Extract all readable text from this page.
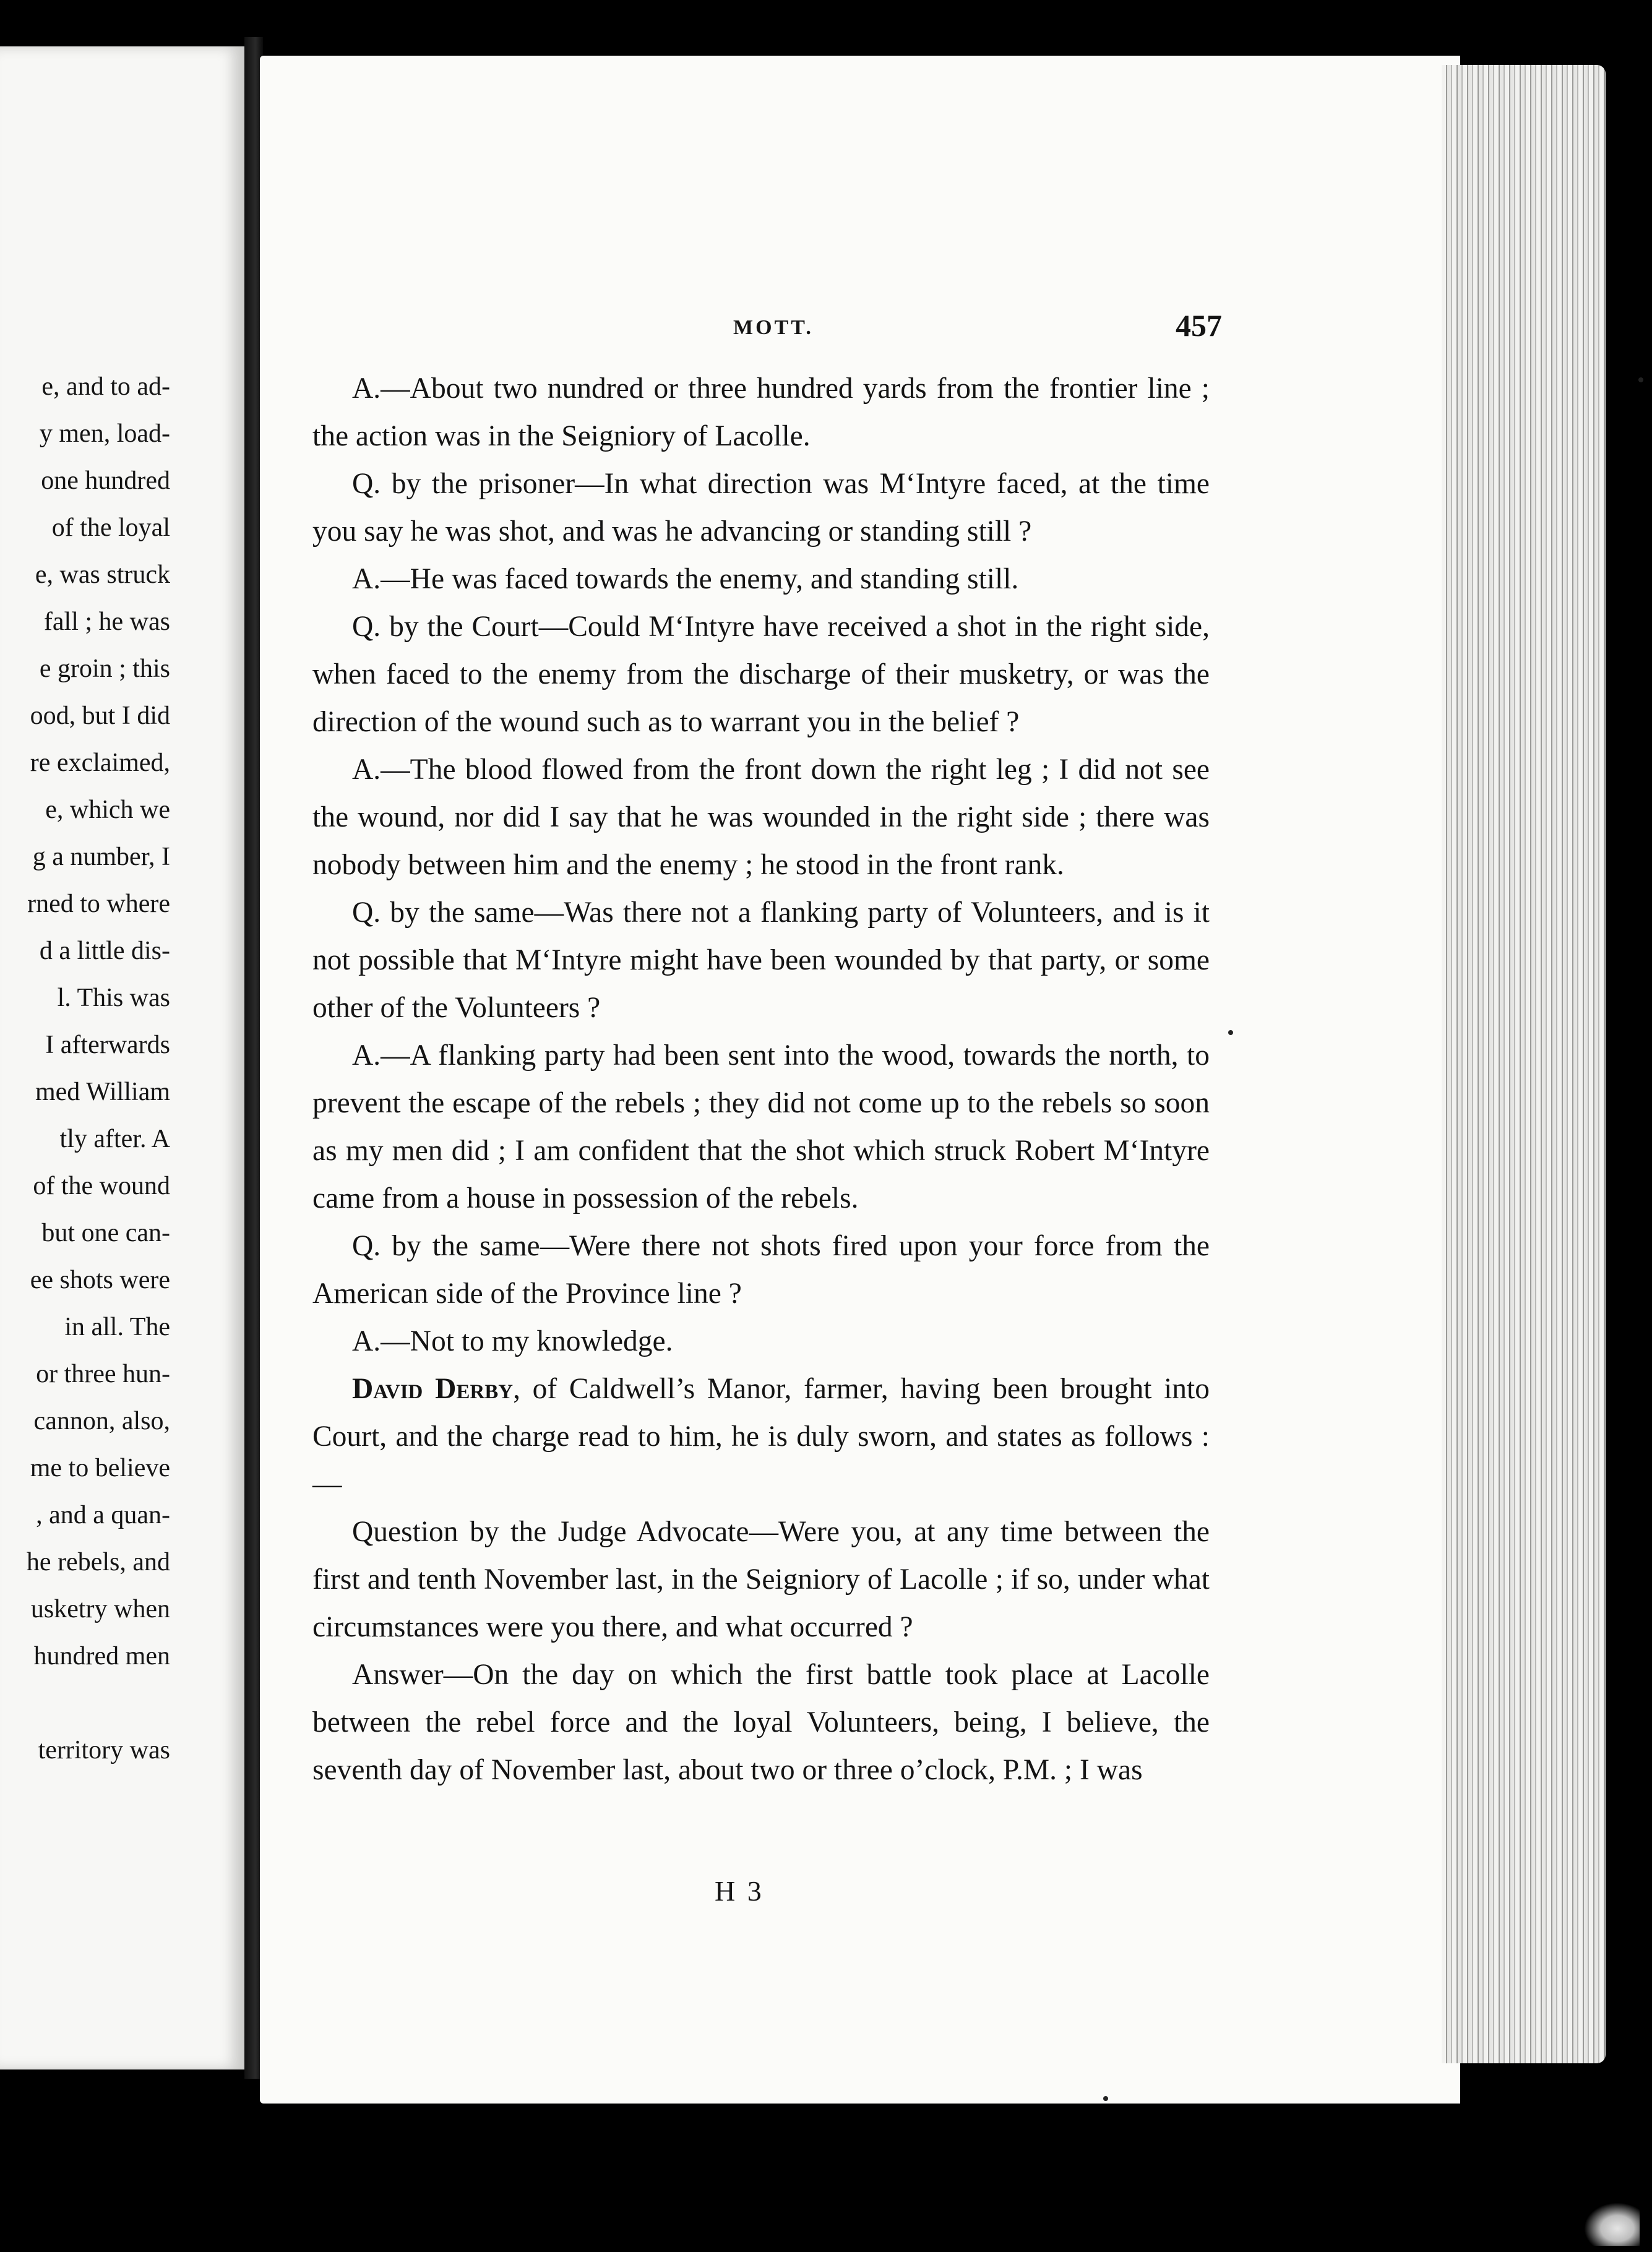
e, and to ad-
y men, load-
one hundred
of the loyal
e, was struck
fall ; he was
e groin ; this
ood, but I did
re exclaimed,
e, which we
g a number, I
rned to where
d a little dis-
l. This was
I afterwards
med William
tly after. A
of the wound
but one can-
ee shots were
in all. The
or three hun-
cannon, also,
me to believe
, and a quan-
he rebels, and
usketry when
hundred men
territory was
MOTT.	457

A.—About two nundred or three hundred yards from the frontier line ; the action was in the Seigniory of Lacolle.

Q. by the prisoner—In what direction was M‘Intyre faced, at the time you say he was shot, and was he advancing or standing still ?

A.—He was faced towards the enemy, and standing still.

Q. by the Court—Could M‘Intyre have received a shot in the right side, when faced to the enemy from the discharge of their musketry, or was the direction of the wound such as to warrant you in the belief ?

A.—The blood flowed from the front down the right leg ; I did not see the wound, nor did I say that he was wounded in the right side ; there was nobody between him and the enemy ; he stood in the front rank.

Q. by the same—Was there not a flanking party of Volunteers, and is it not possible that M‘Intyre might have been wounded by that party, or some other of the Volunteers ?

A.—A flanking party had been sent into the wood, towards the north, to prevent the escape of the rebels ; they did not come up to the rebels so soon as my men did ; I am confident that the shot which struck Robert M‘Intyre came from a house in possession of the rebels.

Q. by the same—Were there not shots fired upon your force from the American side of the Province line ?

A.—Not to my knowledge.

David Derby, of Caldwell’s Manor, farmer, having been brought into Court, and the charge read to him, he is duly sworn, and states as follows :—

Question by the Judge Advocate—Were you, at any time between the first and tenth November last, in the Seigniory of Lacolle ; if so, under what circumstances were you there, and what occurred ?

Answer—On the day on which the first battle took place at Lacolle between the rebel force and the loyal Volunteers, being, I believe, the seventh day of November last, about two or three o’clock, P.M. ; I was

H 3
